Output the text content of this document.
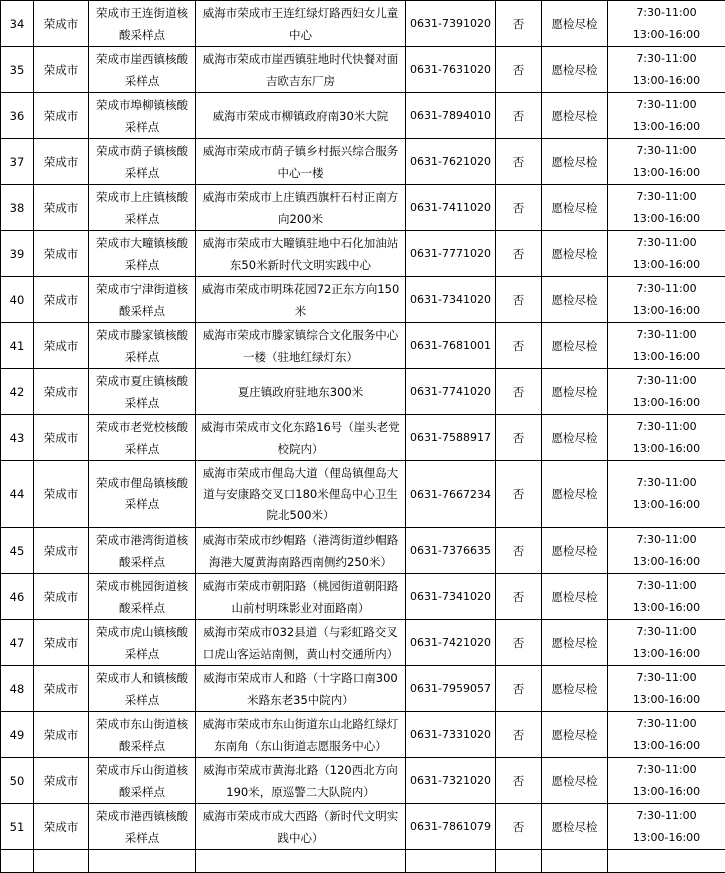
34	荣成市	荣成市王连街道核酸采样点	威海市荣成市王连红绿灯路西妇女儿童中心	0631-7391020	否	愿检尽检	7:30-11:00
13:00-16:00

35	荣成市	荣成市崖西镇核酸采样点	威海市荣成市崖西镇驻地时代快餐对面吉欧吉东厂房	0631-7631020	否	愿检尽检	7:30-11:00
13:00-16:00

36	荣成市	荣成市埠柳镇核酸采样点	威海市荣成市柳镇政府南30米大院	0631-7894010	否	愿检尽检	7:30-11:00
13:00-16:00

37	荣成市	荣成市荫子镇核酸采样点	威海市荣成市荫子镇乡村振兴综合服务中心一楼	0631-7621020	否	愿检尽检	7:30-11:00
13:00-16:00

38	荣成市	荣成市上庄镇核酸采样点	威海市荣成市上庄镇西旗杆石村正南方向200米	0631-7411020	否	愿检尽检	7:30-11:00
13:00-16:00

39	荣成市	荣成市大疃镇核酸采样点	威海市荣成市大疃镇驻地中石化加油站东50米新时代文明实践中心	0631-7771020	否	愿检尽检	7:30-11:00
13:00-16:00

40	荣成市	荣成市宁津街道核酸采样点	威海市荣成市明珠花园72正东方向150米	0631-7341020	否	愿检尽检	7:30-11:00
13:00-16:00

41	荣成市	荣成市滕家镇核酸采样点	威海市荣成市滕家镇综合文化服务中心一楼（驻地红绿灯东）	0631-7681001	否	愿检尽检	7:30-11:00
13:00-16:00

42	荣成市	荣成市夏庄镇核酸采样点	夏庄镇政府驻地东300米	0631-7741020	否	愿检尽检	7:30-11:00
13:00-16:00

43	荣成市	荣成市老党校核酸采样点	威海市荣成市文化东路16号（崖头老党校院内）	0631-7588917	否	愿检尽检	7:30-11:00
13:00-16:00

44	荣成市	荣成市俚岛镇核酸采样点	威海市荣成市俚岛大道（俚岛镇俚岛大道与安康路交叉口180米俚岛中心卫生院北500米）	0631-7667234	否	愿检尽检	7:30-11:00
13:00-16:00

45	荣成市	荣成市港湾街道核酸采样点	威海市荣成市纱帽路（港湾街道纱帽路海港大厦黄海南路西南侧约250米）	0631-7376635	否	愿检尽检	7:30-11:00
13:00-16:00

46	荣成市	荣成市桃园街道核酸采样点	威海市荣成市朝阳路（桃园街道朝阳路山前村明珠影业对面路南）	0631-7341020	否	愿检尽检	7:30-11:00
13:00-16:00

47	荣成市	荣成市虎山镇核酸采样点	威海市荣成市032县道（与彩虹路交叉口虎山客运站南侧，黄山村交通所内）	0631-7421020	否	愿检尽检	7:30-11:00
13:00-16:00

48	荣成市	荣成市人和镇核酸采样点	威海市荣成市人和路（十字路口南300米路东老35中院内）	0631-7959057	否	愿检尽检	7:30-11:00
13:00-16:00

49	荣成市	荣成市东山街道核酸采样点	威海市荣成市东山街道东山北路红绿灯东南角（东山街道志愿服务中心）	0631-7331020	否	愿检尽检	7:30-11:00
13:00-16:00

50	荣成市	荣成市斥山街道核酸采样点	威海市荣成市黄海北路（120西北方向190米，原巡警二大队院内）	0631-7321020	否	愿检尽检	7:30-11:00
13:00-16:00

51	荣成市	荣成市港西镇核酸采样点	威海市荣成市成大西路（新时代文明实践中心）	0631-7861079	否	愿检尽检	7:30-11:00
13:00-16:00
